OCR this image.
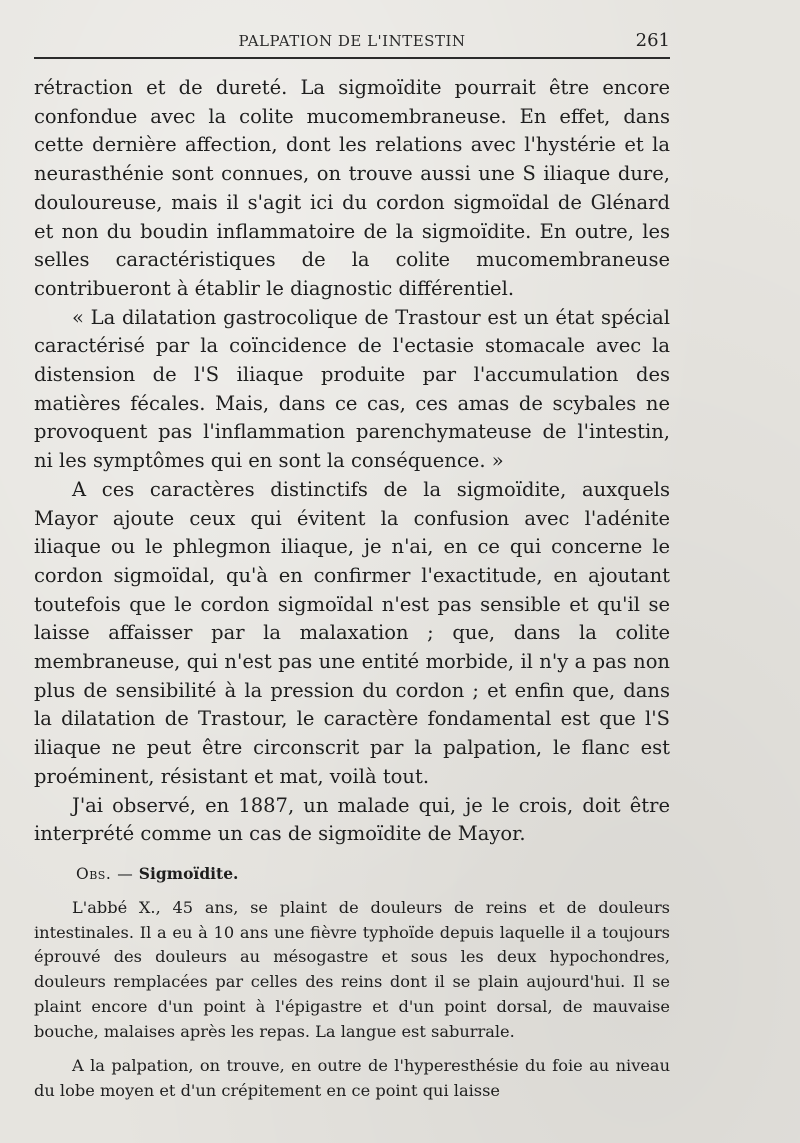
PALPATION DE L'INTESTIN	261

rétraction et de dureté. La sigmoïdite pourrait être encore confondue avec la colite mucomembraneuse. En effet, dans cette dernière affection, dont les relations avec l'hystérie et la neurasthénie sont connues, on trouve aussi une S iliaque dure, douloureuse, mais il s'agit ici du cordon sigmoïdal de Glénard et non du boudin inflammatoire de la sigmoïdite. En outre, les selles caractéristiques de la colite mucomembraneuse contribueront à établir le diagnostic différentiel.

« La dilatation gastrocolique de Trastour est un état spécial caractérisé par la coïncidence de l'ectasie stomacale avec la distension de l'S iliaque produite par l'accumulation des matières fécales. Mais, dans ce cas, ces amas de scybales ne provoquent pas l'inflammation parenchymateuse de l'intestin, ni les symptômes qui en sont la conséquence. »

A ces caractères distinctifs de la sigmoïdite, auxquels Mayor ajoute ceux qui évitent la confusion avec l'adénite iliaque ou le phlegmon iliaque, je n'ai, en ce qui concerne le cordon sigmoïdal, qu'à en confirmer l'exactitude, en ajoutant toutefois que le cordon sigmoïdal n'est pas sensible et qu'il se laisse affaisser par la malaxation ; que, dans la colite membraneuse, qui n'est pas une entité morbide, il n'y a pas non plus de sensibilité à la pression du cordon ; et enfin que, dans la dilatation de Trastour, le caractère fondamental est que l'S iliaque ne peut être circonscrit par la palpation, le flanc est proéminent, résistant et mat, voilà tout.

J'ai observé, en 1887, un malade qui, je le crois, doit être interprété comme un cas de sigmoïdite de Mayor.

Obs. — Sigmoïdite.

L'abbé X., 45 ans, se plaint de douleurs de reins et de douleurs intestinales. Il a eu à 10 ans une fièvre typhoïde depuis laquelle il a toujours éprouvé des douleurs au mésogastre et sous les deux hypochondres, douleurs remplacées par celles des reins dont il se plain aujourd'hui. Il se plaint encore d'un point à l'épigastre et d'un point dorsal, de mauvaise bouche, malaises après les repas. La langue est saburrale.

A la palpation, on trouve, en outre de l'hyperesthésie du foie au niveau du lobe moyen et d'un crépitement en ce point qui laisse
